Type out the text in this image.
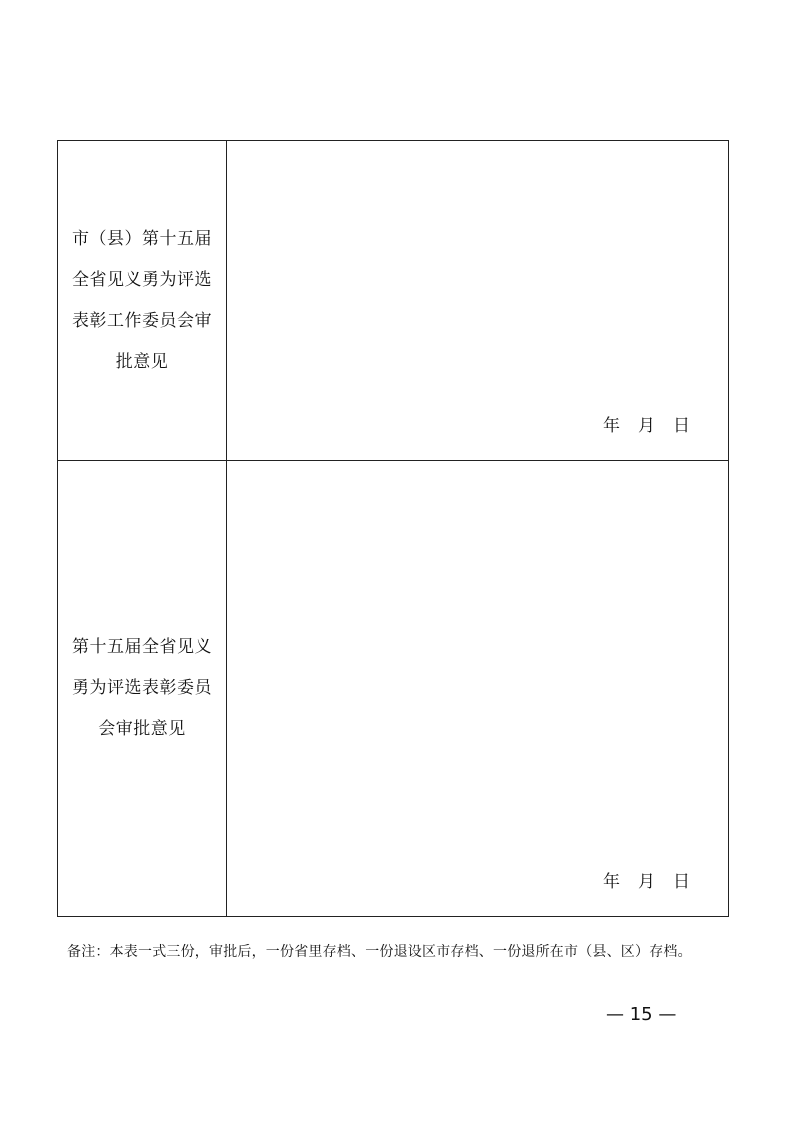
市（县）第十五届
全省见义勇为评选
表彰工作委员会审
批意见
年 月 日
第十五届全省见义
勇为评选表彰委员
会审批意见
年 月 日
备注：本表一式三份，审批后，一份省里存档、一份退设区市存档、一份退所在市（县、区）存档。
— 15 —
